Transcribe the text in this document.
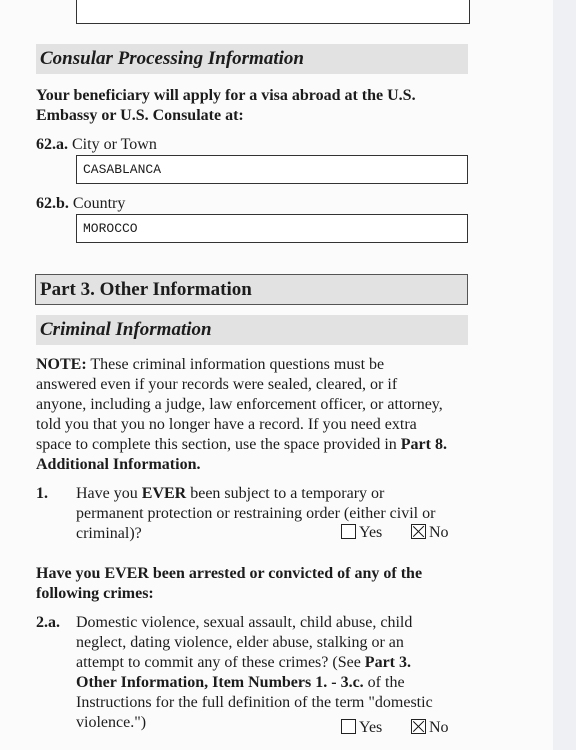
Consular Processing Information
Your beneficiary will apply for a visa abroad at the U.S.
Embassy or U.S. Consulate at:
62.a. City or Town
CASABLANCA
62.b. Country
MOROCCO
Part 3. Other Information
Criminal Information
NOTE: These criminal information questions must be
answered even if your records were sealed, cleared, or if
anyone, including a judge, law enforcement officer, or attorney,
told you that you no longer have a record. If you need extra
space to complete this section, use the space provided in Part 8.
Additional Information.
1. Have you EVER been subject to a temporary or
permanent protection or restraining order (either civil or
criminal)?	Yes	No
Have you EVER been arrested or convicted of any of the
following crimes:
2.a. Domestic violence, sexual assault, child abuse, child
neglect, dating violence, elder abuse, stalking or an
attempt to commit any of these crimes? (See Part 3.
Other Information, Item Numbers 1. - 3.c. of the
Instructions for the full definition of the term "domestic
violence.")	Yes	No
